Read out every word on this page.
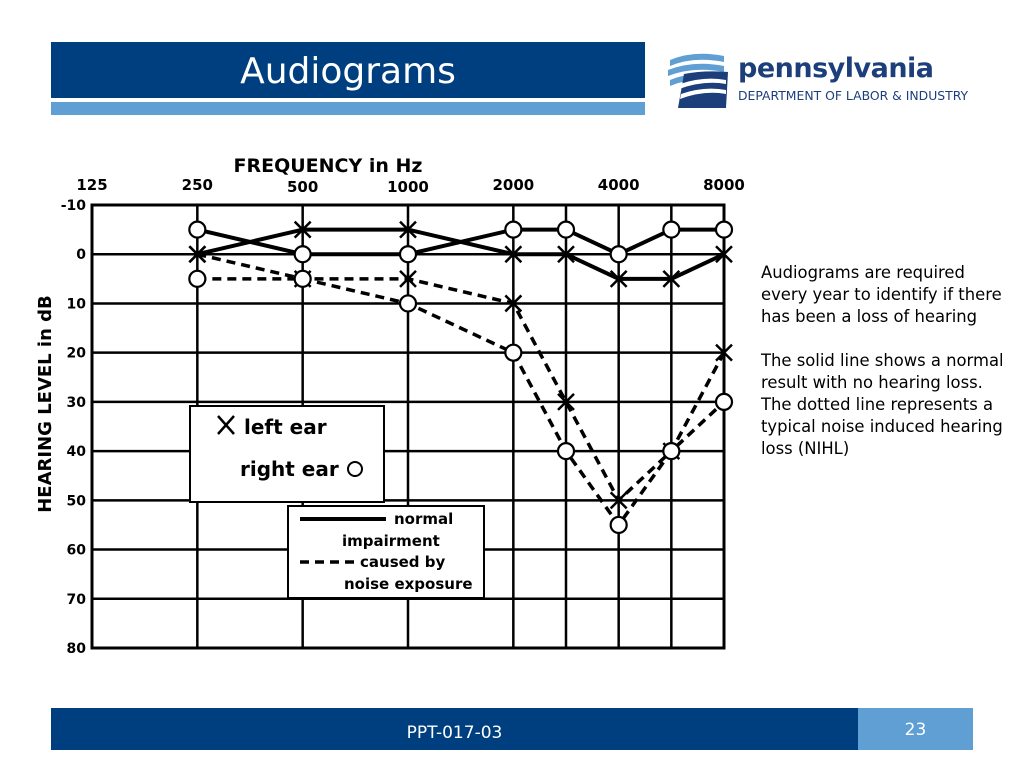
Audiograms	pennsylvania
DEPARTMENT OF LABOR & INDUSTRY
FREQUENCY in Hz
HEARING LEVEL in dB
125	250	500	1000	2000	4000	8000
-10
0
10
20
30
40
50
60
70
80
left ear
right ear
normal
impairment
caused by
noise exposure

Audiograms are required every year to identify if there has been a loss of hearing

The solid line shows a normal result with no hearing loss. The dotted line represents a typical noise induced hearing loss (NIHL)

PPT-017-03	23
